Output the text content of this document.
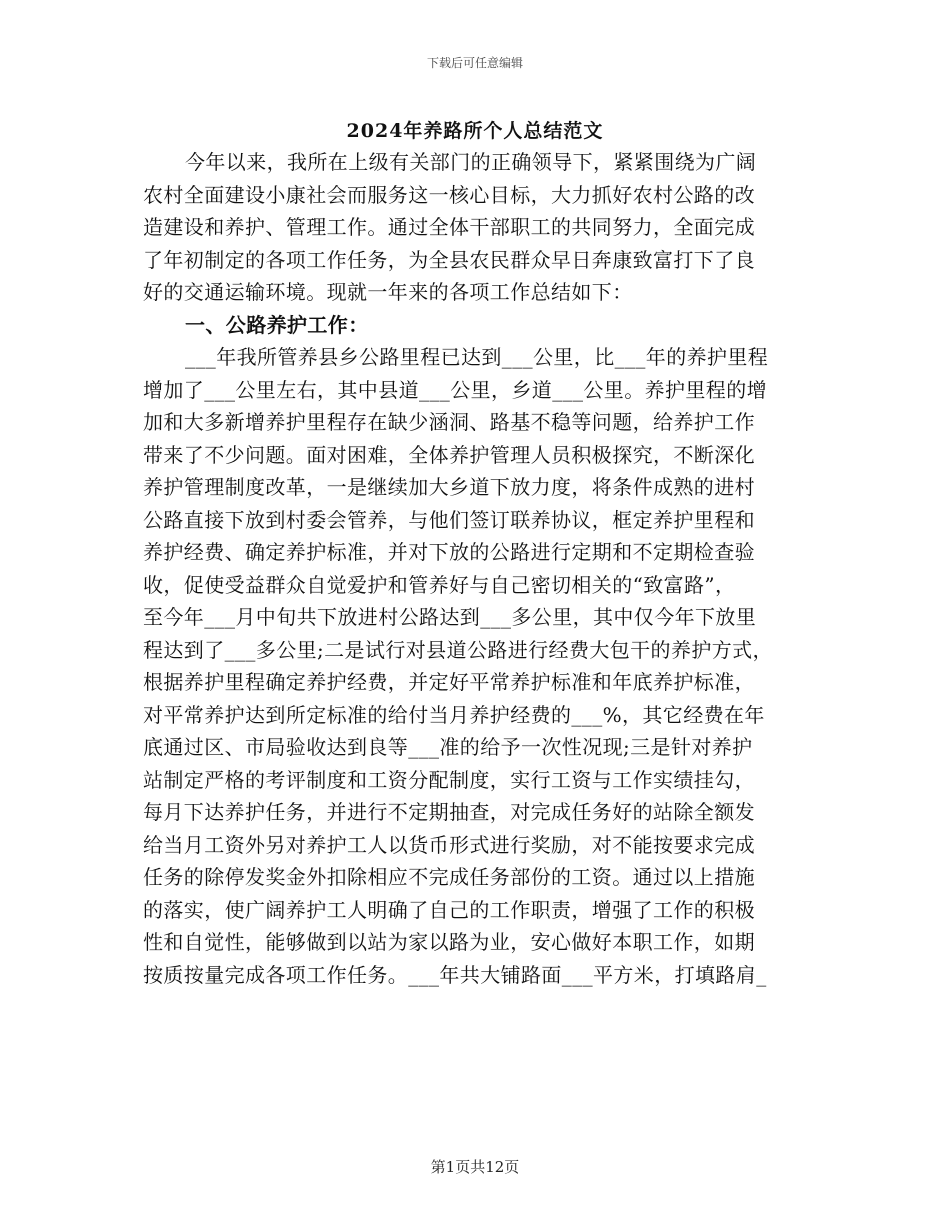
下载后可任意编辑
2024年养路所个人总结范文
今年以来，我所在上级有关部门的正确领导下，紧紧围绕为广阔
农村全面建设小康社会而服务这一核心目标，大力抓好农村公路的改
造建设和养护、管理工作。通过全体干部职工的共同努力，全面完成
了年初制定的各项工作任务，为全县农民群众早日奔康致富打下了良
好的交通运输环境。现就一年来的各项工作总结如下：
一、公路养护工作：
___年我所管养县乡公路里程已达到___公里，比___年的养护里程
增加了___公里左右，其中县道___公里，乡道___公里。养护里程的增
加和大多新增养护里程存在缺少涵洞、路基不稳等问题，给养护工作
带来了不少问题。面对困难，全体养护管理人员积极探究，不断深化
养护管理制度改革，一是继续加大乡道下放力度，将条件成熟的进村
公路直接下放到村委会管养，与他们签订联养协议，框定养护里程和
养护经费、确定养护标准，并对下放的公路进行定期和不定期检查验
收，促使受益群众自觉爱护和管养好与自己密切相关的“致富路”，
至今年___月中旬共下放进村公路达到___多公里，其中仅今年下放里
程达到了___多公里;二是试行对县道公路进行经费大包干的养护方式，
根据养护里程确定养护经费，并定好平常养护标准和年底养护标准，
对平常养护达到所定标准的给付当月养护经费的___%，其它经费在年
底通过区、市局验收达到良等___准的给予一次性况现;三是针对养护
站制定严格的考评制度和工资分配制度，实行工资与工作实绩挂勾，
每月下达养护任务，并进行不定期抽查，对完成任务好的站除全额发
给当月工资外另对养护工人以货币形式进行奖励，对不能按要求完成
任务的除停发奖金外扣除相应不完成任务部份的工资。通过以上措施
的落实，使广阔养护工人明确了自己的工作职责，增强了工作的积极
性和自觉性，能够做到以站为家以路为业，安心做好本职工作，如期
按质按量完成各项工作任务。___年共大铺路面___平方米，打填路肩_
第1页共12页
